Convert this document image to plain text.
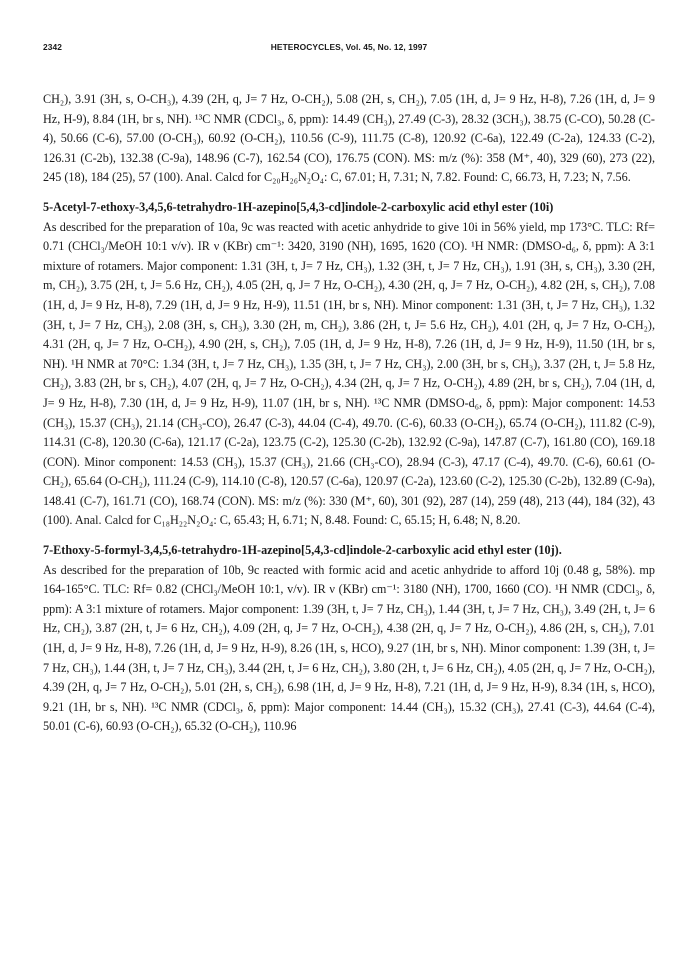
2342	HETEROCYCLES, Vol. 45, No. 12, 1997

CH₂), 3.91 (3H, s, O-CH₃), 4.39 (2H, q, J= 7 Hz, O-CH₂), 5.08 (2H, s, CH₂), 7.05 (1H, d, J= 9 Hz, H-8), 7.26 (1H, d, J= 9 Hz, H-9), 8.84 (1H, br s, NH). ¹³C NMR (CDCl₃, δ, ppm): 14.49 (CH₃), 27.49 (C-3), 28.32 (3CH₃), 38.75 (C-CO), 50.28 (C-4), 50.66 (C-6), 57.00 (O-CH₃), 60.92 (O-CH₂), 110.56 (C-9), 111.75 (C-8), 120.92 (C-6a), 122.49 (C-2a), 124.33 (C-2), 126.31 (C-2b), 132.38 (C-9a), 148.96 (C-7), 162.54 (CO), 176.75 (CON). MS: m/z (%): 358 (M⁺, 40), 329 (60), 273 (22), 245 (18), 184 (25), 57 (100). Anal. Calcd for C₂₀H₂₆N₂O₄: C, 67.01; H, 7.31; N, 7.82. Found: C, 66.73, H, 7.23; N, 7.56.

5-Acetyl-7-ethoxy-3,4,5,6-tetrahydro-1H-azepino[5,4,3-cd]indole-2-carboxylic acid ethyl ester (10i)
As described for the preparation of 10a, 9c was reacted with acetic anhydride to give 10i in 56% yield, mp 173°C. TLC: Rf= 0.71 (CHCl₃/MeOH 10:1 v/v). IR ν (KBr) cm⁻¹: 3420, 3190 (NH), 1695, 1620 (CO). ¹H NMR: (DMSO-d₆, δ, ppm): A 3:1 mixture of rotamers. Major component: 1.31 (3H, t, J= 7 Hz, CH₃), 1.32 (3H, t, J= 7 Hz, CH₃), 1.91 (3H, s, CH₃), 3.30 (2H, m, CH₂), 3.75 (2H, t, J= 5.6 Hz, CH₂), 4.05 (2H, q, J= 7 Hz, O-CH₂), 4.30 (2H, q, J= 7 Hz, O-CH₂), 4.82 (2H, s, CH₂), 7.08 (1H, d, J= 9 Hz, H-8), 7.29 (1H, d, J= 9 Hz, H-9), 11.51 (1H, br s, NH). Minor component: 1.31 (3H, t, J= 7 Hz, CH₃), 1.32 (3H, t, J= 7 Hz, CH₃), 2.08 (3H, s, CH₃), 3.30 (2H, m, CH₂), 3.86 (2H, t, J= 5.6 Hz, CH₂), 4.01 (2H, q, J= 7 Hz, O-CH₂), 4.31 (2H, q, J= 7 Hz, O-CH₂), 4.90 (2H, s, CH₂), 7.05 (1H, d, J= 9 Hz, H-8), 7.26 (1H, d, J= 9 Hz, H-9), 11.50 (1H, br s, NH). ¹H NMR at 70°C: 1.34 (3H, t, J= 7 Hz, CH₃), 1.35 (3H, t, J= 7 Hz, CH₃), 2.00 (3H, br s, CH₃), 3.37 (2H, t, J= 5.8 Hz, CH₂), 3.83 (2H, br s, CH₂), 4.07 (2H, q, J= 7 Hz, O-CH₂), 4.34 (2H, q, J= 7 Hz, O-CH₂), 4.89 (2H, br s, CH₂), 7.04 (1H, d, J= 9 Hz, H-8), 7.30 (1H, d, J= 9 Hz, H-9), 11.07 (1H, br s, NH). ¹³C NMR (DMSO-d₆, δ, ppm): Major component: 14.53 (CH₃), 15.37 (CH₃), 21.14 (CH₃-CO), 26.47 (C-3), 44.04 (C-4), 49.70. (C-6), 60.33 (O-CH₂), 65.74 (O-CH₂), 111.82 (C-9), 114.31 (C-8), 120.30 (C-6a), 121.17 (C-2a), 123.75 (C-2), 125.30 (C-2b), 132.92 (C-9a), 147.87 (C-7), 161.80 (CO), 169.18 (CON). Minor component: 14.53 (CH₃), 15.37 (CH₃), 21.66 (CH₃-CO), 28.94 (C-3), 47.17 (C-4), 49.70. (C-6), 60.61 (O-CH₂), 65.64 (O-CH₂), 111.24 (C-9), 114.10 (C-8), 120.57 (C-6a), 120.97 (C-2a), 123.60 (C-2), 125.30 (C-2b), 132.89 (C-9a), 148.41 (C-7), 161.71 (CO), 168.74 (CON). MS: m/z (%): 330 (M⁺, 60), 301 (92), 287 (14), 259 (48), 213 (44), 184 (32), 43 (100). Anal. Calcd for C₁₈H₂₂N₂O₄: C, 65.43; H, 6.71; N, 8.48. Found: C, 65.15; H, 6.48; N, 8.20.

7-Ethoxy-5-formyl-3,4,5,6-tetrahydro-1H-azepino[5,4,3-cd]indole-2-carboxylic acid ethyl ester (10j).
As described for the preparation of 10b, 9c reacted with formic acid and acetic anhydride to afford 10j (0.48 g, 58%). mp 164-165°C. TLC: Rf= 0.82 (CHCl₃/MeOH 10:1, v/v). IR ν (KBr) cm⁻¹: 3180 (NH), 1700, 1660 (CO). ¹H NMR (CDCl₃, δ, ppm): A 3:1 mixture of rotamers. Major component: 1.39 (3H, t, J= 7 Hz, CH₃), 1.44 (3H, t, J= 7 Hz, CH₃), 3.49 (2H, t, J= 6 Hz, CH₂), 3.87 (2H, t, J= 6 Hz, CH₂), 4.09 (2H, q, J= 7 Hz, O-CH₂), 4.38 (2H, q, J= 7 Hz, O-CH₂), 4.86 (2H, s, CH₂), 7.01 (1H, d, J= 9 Hz, H-8), 7.26 (1H, d, J= 9 Hz, H-9), 8.26 (1H, s, HCO), 9.27 (1H, br s, NH). Minor component: 1.39 (3H, t, J= 7 Hz, CH₃), 1.44 (3H, t, J= 7 Hz, CH₃), 3.44 (2H, t, J= 6 Hz, CH₂), 3.80 (2H, t, J= 6 Hz, CH₂), 4.05 (2H, q, J= 7 Hz, O-CH₂), 4.39 (2H, q, J= 7 Hz, O-CH₂), 5.01 (2H, s, CH₂), 6.98 (1H, d, J= 9 Hz, H-8), 7.21 (1H, d, J= 9 Hz, H-9), 8.34 (1H, s, HCO), 9.21 (1H, br s, NH). ¹³C NMR (CDCl₃, δ, ppm): Major component: 14.44 (CH₃), 15.32 (CH₃), 27.41 (C-3), 44.64 (C-4), 50.01 (C-6), 60.93 (O-CH₂), 65.32 (O-CH₂), 110.96
